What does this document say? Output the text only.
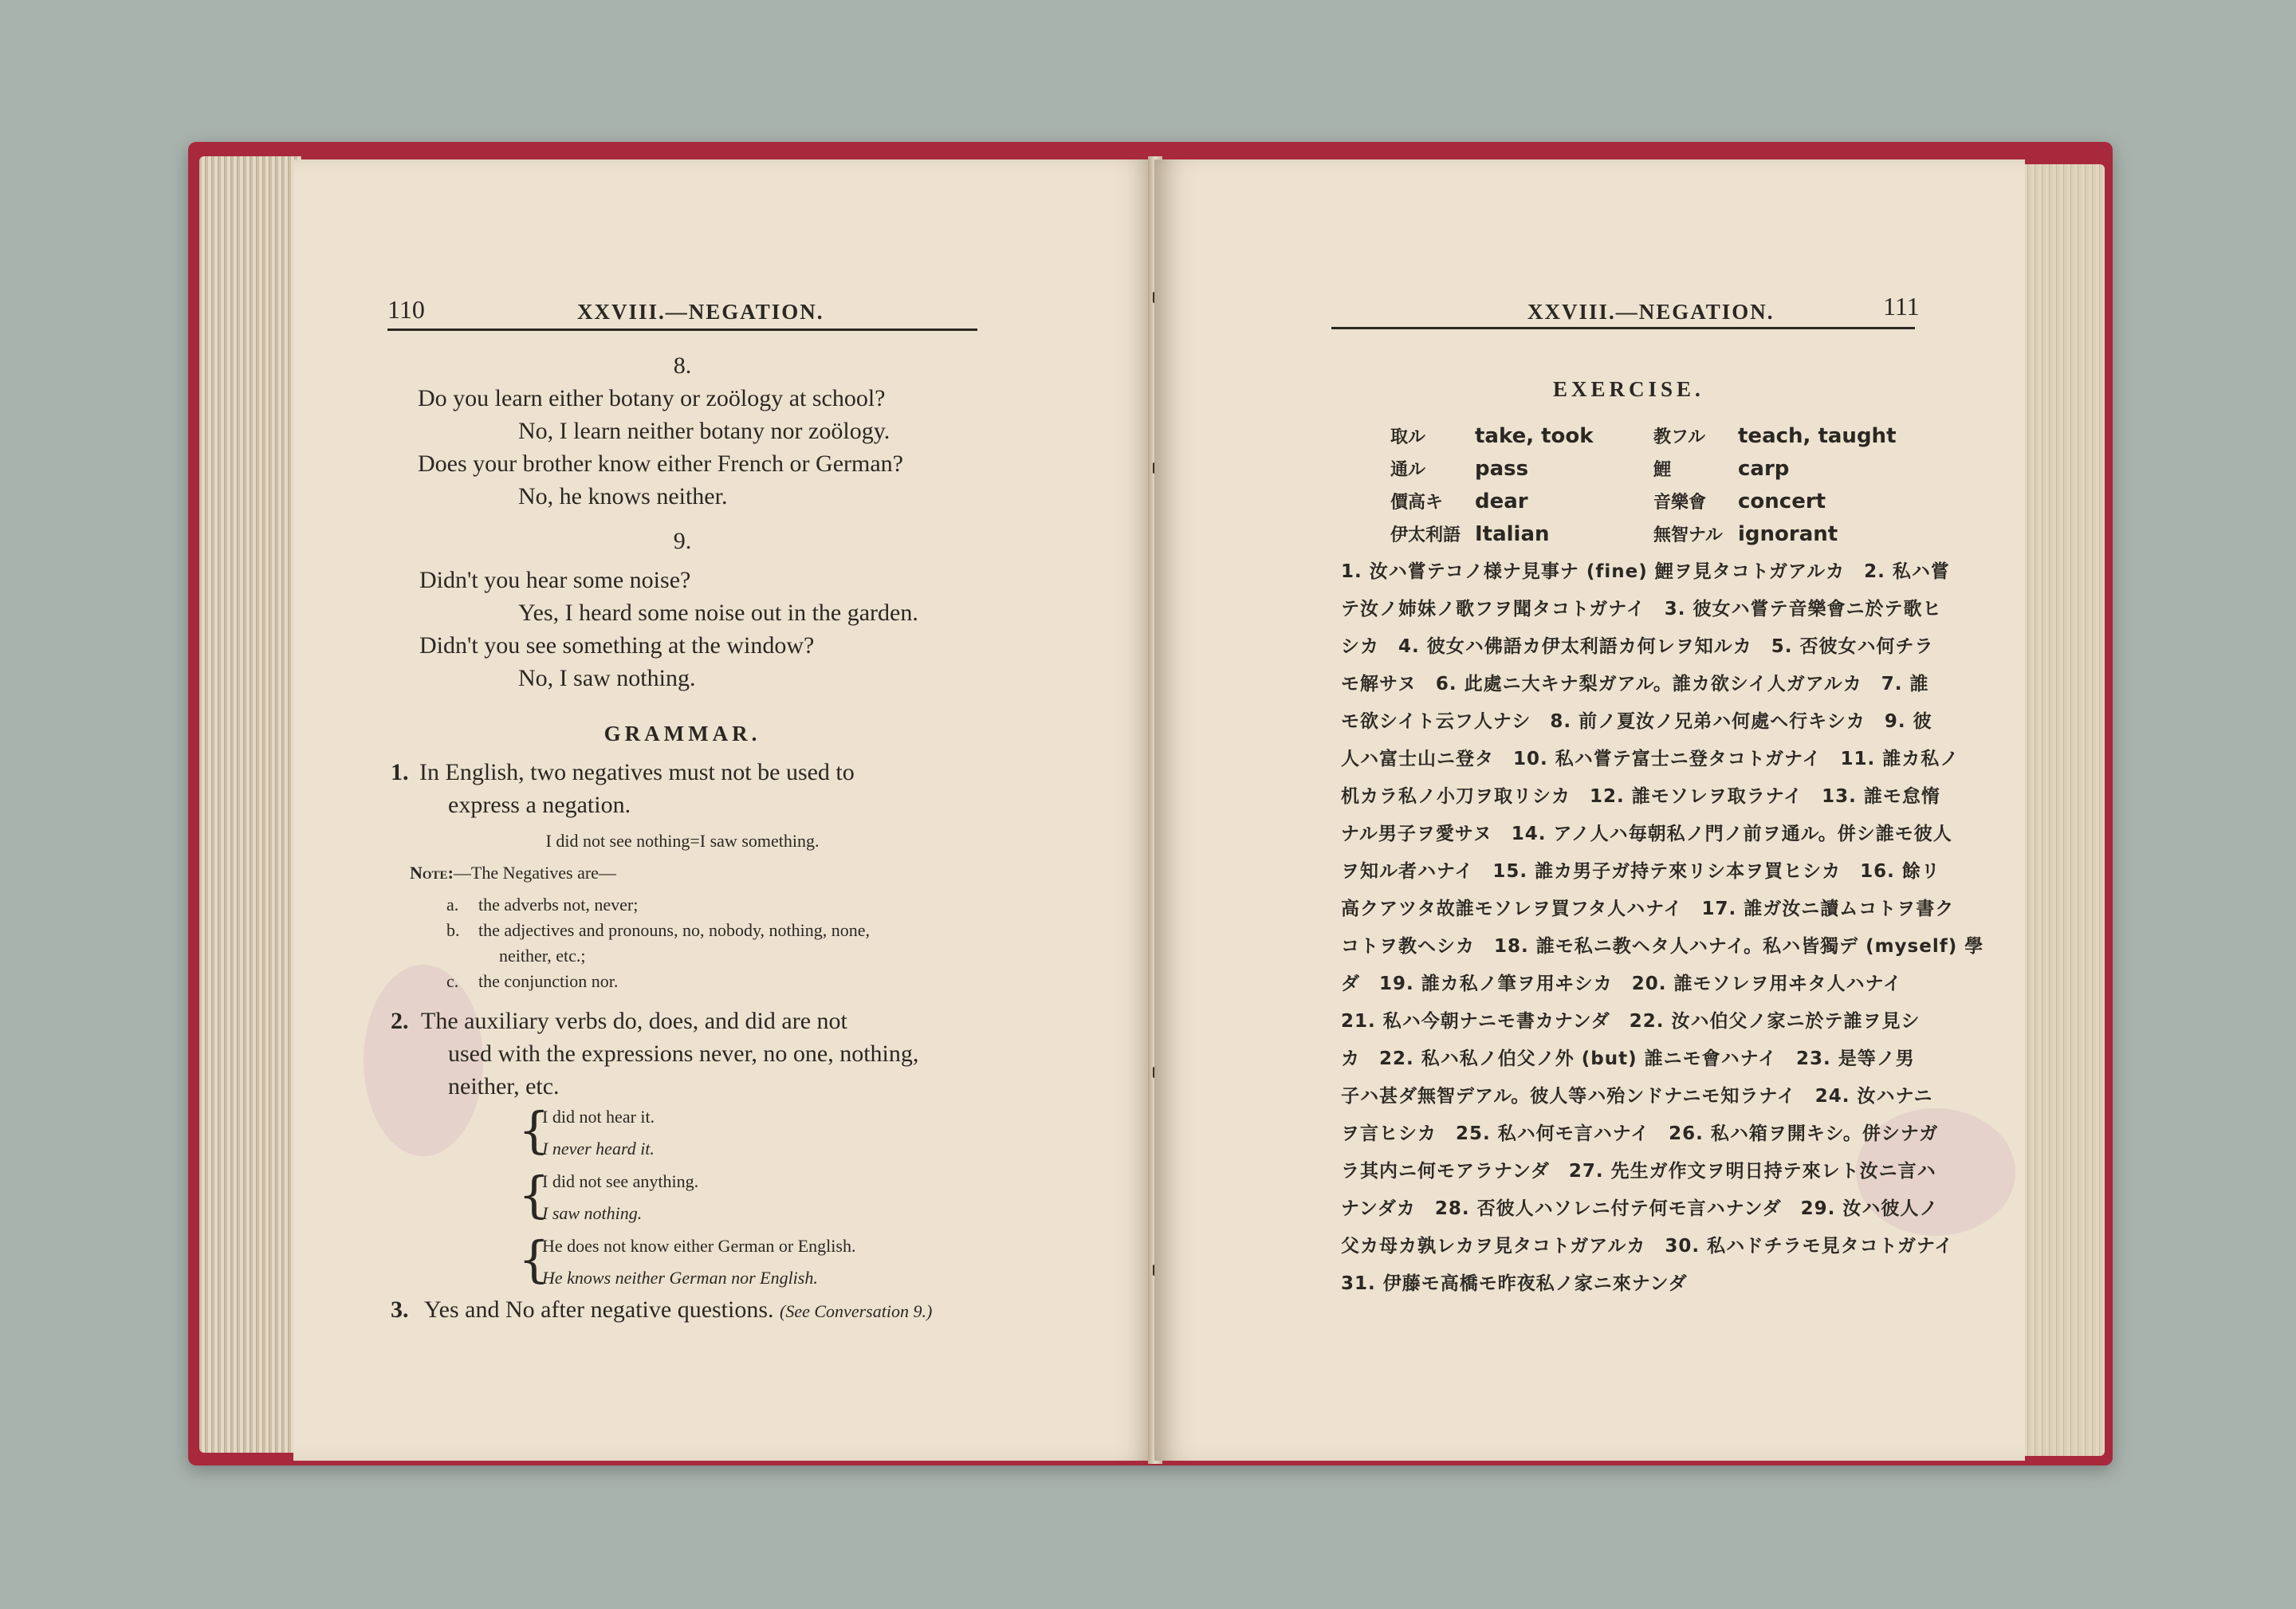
110	XXVIII.—NEGATION.
8.
Do you learn either botany or zoölogy at school?
No, I learn neither botany nor zoölogy.
Does your brother know either French or German?
No, he knows neither.
9.
Didn't you hear some noise?
Yes, I heard some noise out in the garden.
Didn't you see something at the window?
No, I saw nothing.
GRAMMAR.
1. In English, two negatives must not be used to
express a negation.
I did not see nothing=I saw something.
Note:—The Negatives are—
a. the adverbs not, never;
b. the adjectives and pronouns, no, nobody, nothing, none,
neither, etc.;
c. the conjunction nor.
2. The auxiliary verbs do, does, and did are not
used with the expressions never, no one, nothing,
neither, etc.
{
I did not hear it.
I never heard it.
{
I did not see anything.
I saw nothing.
{
He does not know either German or English.
He knows neither German nor English.
3. Yes and No after negative questions. (See Conversation 9.)
XXVIII.—NEGATION.	111
EXERCISE.
取ル take, took	教フル teach, taught
通ル pass	鯉	carp
價高キ dear	音樂會 concert
伊太利語 Italian	無智ナル ignorant
1. 汝ハ嘗テコノ様ナ見事ナ (fine) 鯉ヲ見タコトガアルカ　2. 私ハ嘗
テ汝ノ姉妹ノ歌フヲ聞タコトガナイ　3. 彼女ハ嘗テ音樂會ニ於テ歌ヒ
シカ　4. 彼女ハ佛語カ伊太利語カ何レヲ知ルカ　5. 否彼女ハ何チラ
モ解サヌ　6. 此處ニ大キナ梨ガアル。誰カ欲シイ人ガアルカ　7. 誰
モ欲シイト云フ人ナシ　8. 前ノ夏汝ノ兄弟ハ何處ヘ行キシカ　9. 彼
人ハ富士山ニ登タ　10. 私ハ嘗テ富士ニ登タコトガナイ　11. 誰カ私ノ
机カラ私ノ小刀ヲ取リシカ　12. 誰モソレヲ取ラナイ　13. 誰モ怠惰
ナル男子ヲ愛サヌ　14. アノ人ハ毎朝私ノ門ノ前ヲ通ル。併シ誰モ彼人
ヲ知ル者ハナイ　15. 誰カ男子ガ持テ來リシ本ヲ買ヒシカ　16. 餘リ
高クアツタ故誰モソレヲ買フタ人ハナイ　17. 誰ガ汝ニ讀ムコトヲ書ク
コトヲ教ヘシカ　18. 誰モ私ニ教ヘタ人ハナイ。私ハ皆獨デ (myself) 學
ダ　19. 誰カ私ノ筆ヲ用ヰシカ　20. 誰モソレヲ用ヰタ人ハナイ
21. 私ハ今朝ナニモ書カナンダ　22. 汝ハ伯父ノ家ニ於テ誰ヲ見シ
カ　22. 私ハ私ノ伯父ノ外 (but) 誰ニモ會ハナイ　23. 是等ノ男
子ハ甚ダ無智デアル。彼人等ハ殆ンドナニモ知ラナイ　24. 汝ハナニ
ヲ言ヒシカ　25. 私ハ何モ言ハナイ　26. 私ハ箱ヲ開キシ。併シナガ
ラ其内ニ何モアラナンダ　27. 先生ガ作文ヲ明日持テ來レト汝ニ言ハ
ナンダカ　28. 否彼人ハソレニ付テ何モ言ハナンダ　29. 汝ハ彼人ノ
父カ母カ孰レカヲ見タコトガアルカ　30. 私ハドチラモ見タコトガナイ
31. 伊藤モ高橋モ昨夜私ノ家ニ來ナンダ
